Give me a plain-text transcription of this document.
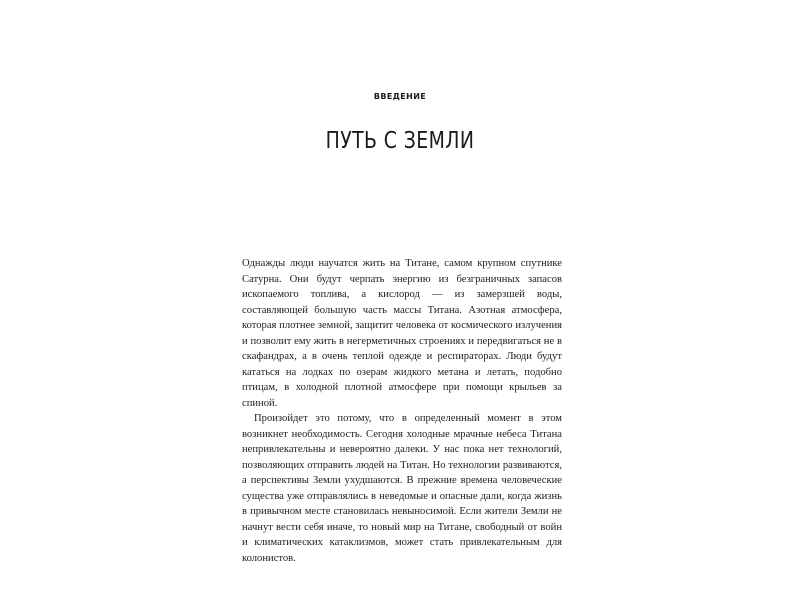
ВВЕДЕНИЕ
ПУТЬ С ЗЕМЛИ

Однажды люди научатся жить на Титане, самом крупном спутнике Сатурна. Они будут черпать энергию из безграничных запасов ископаемого топлива, а кислород — из замерзшей воды, составляющей большую часть массы Титана. Азотная атмосфера, которая плотнее земной, защитит человека от космического излучения и позволит ему жить в негерметичных строениях и передвигаться не в скафандрах, а в очень теплой одежде и респираторах. Люди будут кататься на лодках по озерам жидкого метана и летать, подобно птицам, в холодной плотной атмосфере при помощи крыльев за спиной.

Произойдет это потому, что в определенный момент в этом возникнет необходимость. Сегодня холодные мрачные небеса Титана непривлекательны и невероятно далеки. У нас пока нет технологий, позволяющих отправить людей на Титан. Но технологии развиваются, а перспективы Земли ухудшаются. В прежние времена человеческие существа уже отправлялись в неведомые и опасные дали, когда жизнь в привычном месте становилась невыносимой. Если жители Земли не начнут вести себя иначе, то новый мир на Титане, свободный от войн и климатических катаклизмов, может стать привлекательным для колонистов.
